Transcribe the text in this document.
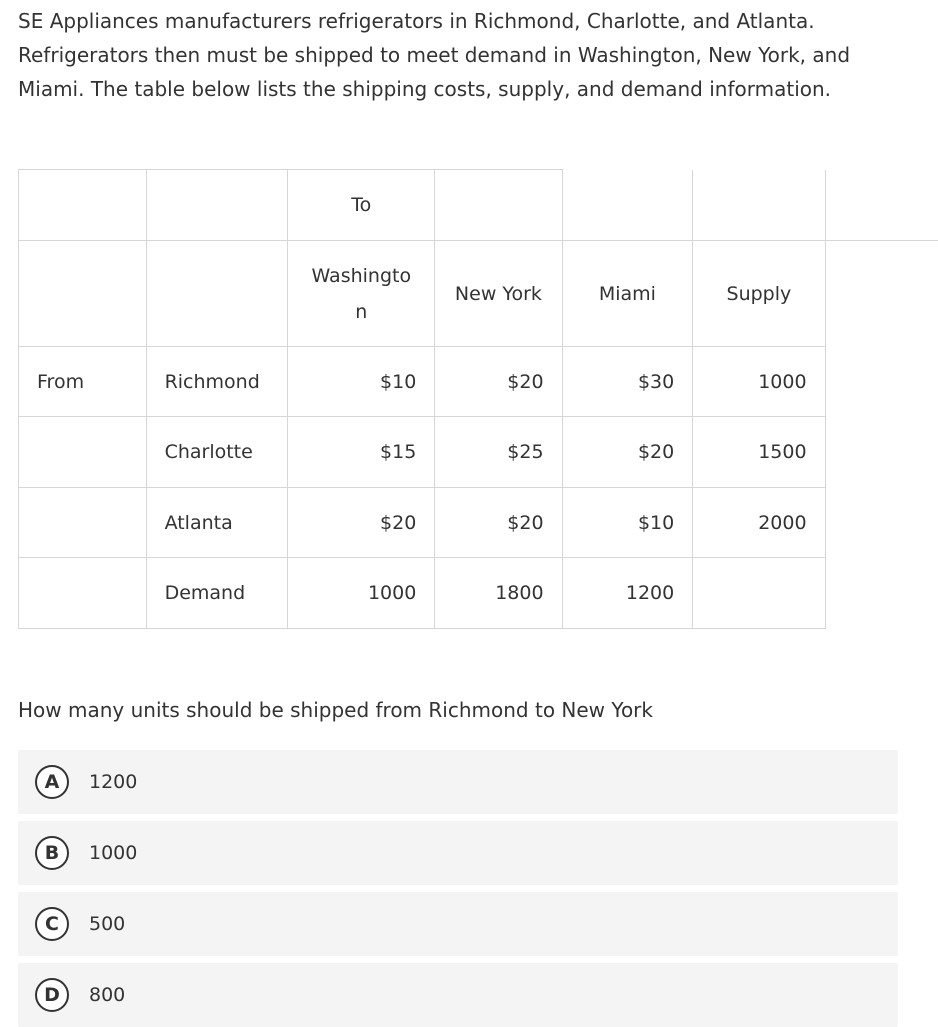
SE Appliances manufacturers refrigerators in Richmond, Charlotte, and Atlanta.
Refrigerators then must be shipped to meet demand in Washington, New York, and
Miami. The table below lists the shipping costs, supply, and demand information.
		To				
		Washington	New York	Miami	Supply	
From	Richmond	$10	$20	$30	1000	
	Charlotte	$15	$25	$20	1500	
	Atlanta	$20	$20	$10	2000	
	Demand	1000	1800	1200		
How many units should be shipped from Richmond to New York
A	1200
B	1000
C	500
D	800
